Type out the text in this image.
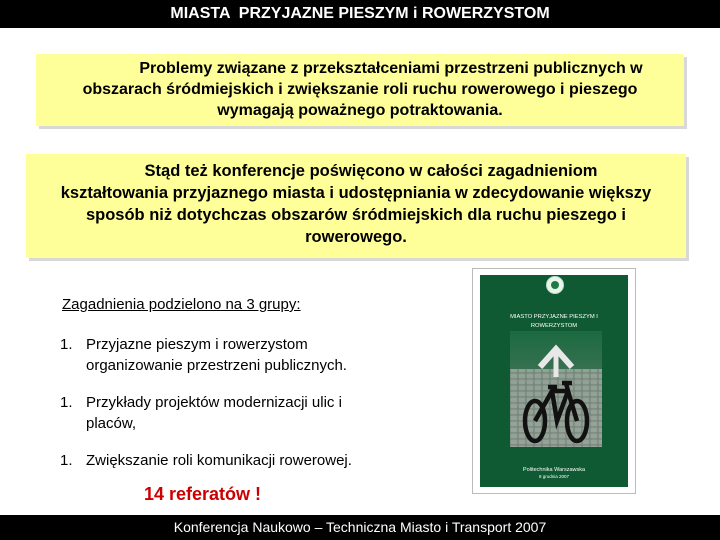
MIASTA  PRZYJAZNE PIESZYM i ROWERZYSTOM

Problemy związane z przekształceniami przestrzeni publicznych w

obszarach śródmiejskich i zwiększanie roli ruchu rowerowego i pieszego

wymagają poważnego potraktowania.

Stąd też konferencje poświęcono w całości zagadnieniom

kształtowania przyjaznego miasta i udostępniania w zdecydowanie większy

sposób niż dotychczas obszarów śródmiejskich dla ruchu pieszego i

rowerowego.

Zagadnienia podzielono na 3 grupy:
1. Przyjazne pieszym i rowerzystom
organizowanie przestrzeni publicznych.
1. Przykłady projektów modernizacji ulic i
placów,
1. Zwiększanie roli komunikacji rowerowej.
14 referatów !
MIASTO PRZYJAZNE PIESZYM I
ROWERZYSTOM
Politechnika Warszawska
8 grudnia 2007
Konferencja Naukowo – Techniczna Miasto i Transport 2007
